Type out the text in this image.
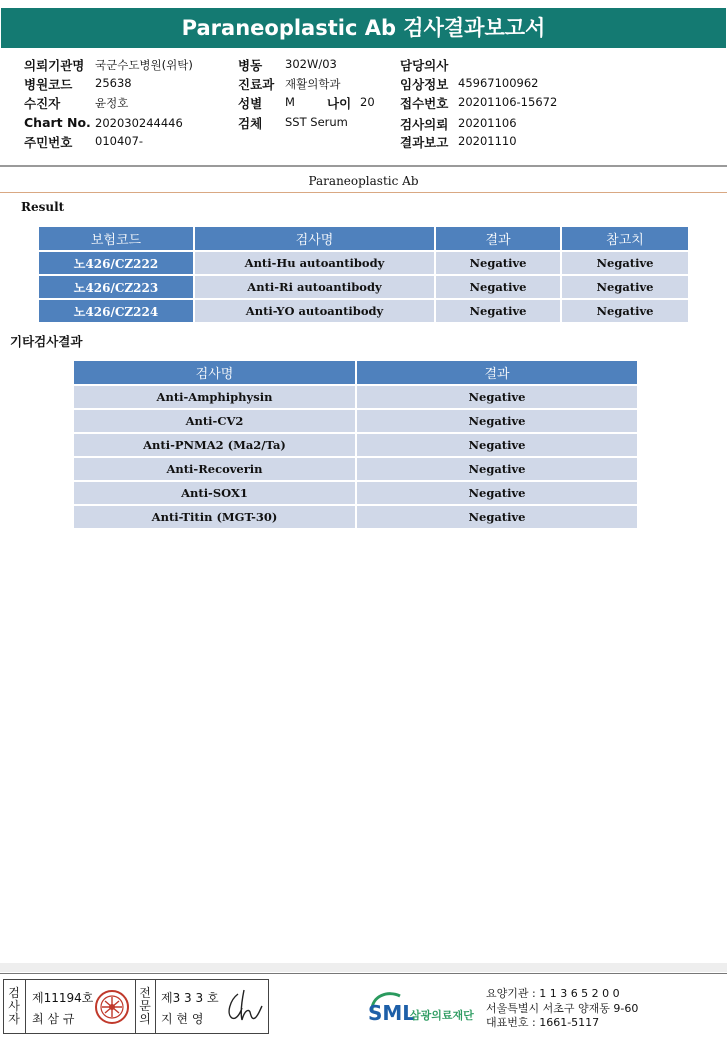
Paraneoplastic Ab 검사결과보고서
의뢰기관명 국군수도병원(위탁)
병원코드 25638
수진자	윤정호
Chart No. 202030244446
주민번호 010407-
병동 302W/03
진료과 재활의학과
성별 M	나이 20
검체 SST Serum
담당의사
임상정보 45967100962
접수번호 20201106-15672
검사의뢰 20201106
결과보고 20201110
Paraneoplastic Ab
Result
보험코드	검사명	결과	참고치
노426/CZ222	Anti-Hu autoantibody	Negative	Negative
노426/CZ223	Anti-Ri autoantibody	Negative	Negative
노426/CZ224	Anti-YO autoantibody	Negative	Negative
기타검사결과
검사명	결과
Anti-Amphiphysin	Negative
Anti-CV2	Negative
Anti-PNMA2 (Ma2/Ta)	Negative
Anti-Recoverin	Negative
Anti-SOX1	Negative
Anti-Titin (MGT-30)	Negative
검사자
제11194호
최 삼 규
전문의
제3 3 3 호
지 현 영	SML
삼광의료재단
요양기관 : 1 1 3 6 5 2 0 0
서울특별시 서초구 양재동 9-60
대표번호 : 1661-5117
